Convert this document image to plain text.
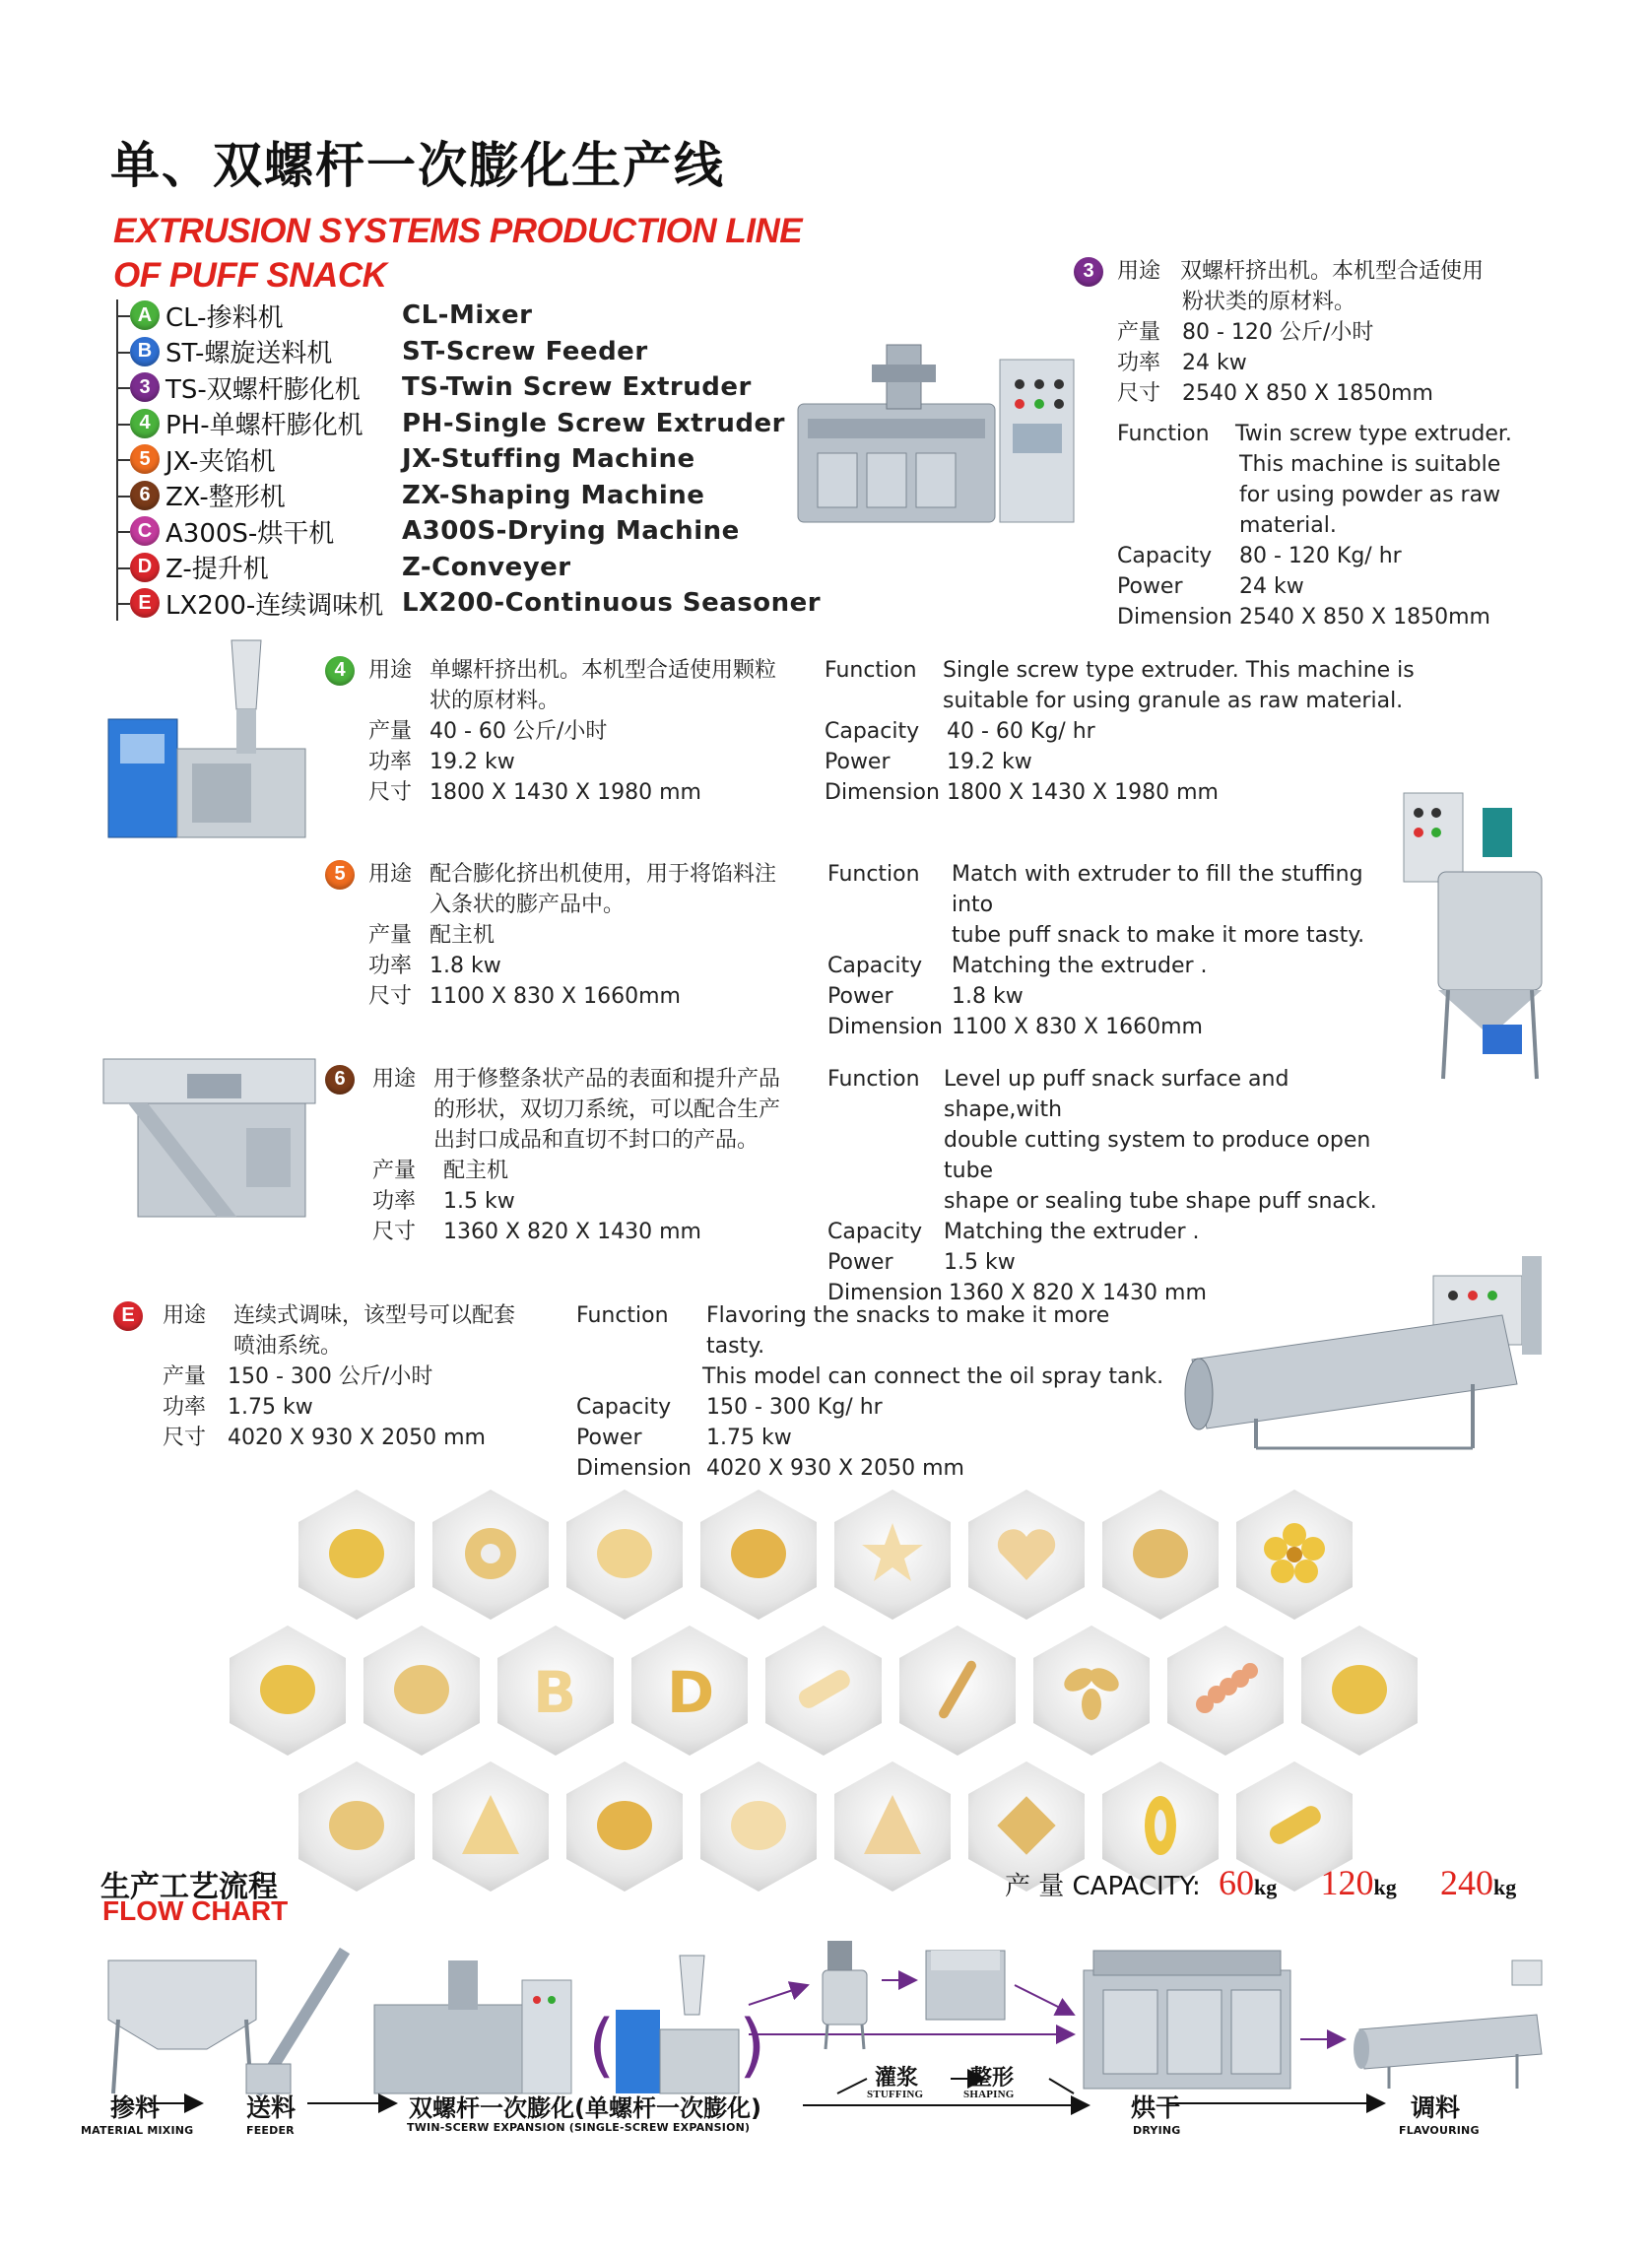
单、双螺杆一次膨化生产线
EXTRUSION SYSTEMS PRODUCTION LINE
OF PUFF SNACK
A CL-掺料机	CL-Mixer
B ST-螺旋送料机	ST-Screw Feeder
3 TS-双螺杆膨化机	TS-Twin Screw Extruder
4 PH-单螺杆膨化机	PH-Single Screw Extruder
5 JX-夹馅机	JX-Stuffing Machine
6 ZX-整形机	ZX-Shaping Machine
C A300S-烘干机	A300S-Drying Machine
D Z-提升机	Z-Conveyer
E LX200-连续调味机 LX200-Continuous Seasoner
3	用途 双螺杆挤出机。本机型合适使用
粉状类的原材料。
产量 80 - 120 公斤/小时
功率 24 kw
尺寸 2540 X 850 X 1850mm
Function	Twin screw type extruder.
This machine is suitable
for using powder as raw
material.
Capacity	80 - 120 Kg/ hr
Power	24 kw
Dimension 2540 X 850 X 1850mm
4	用途 单螺杆挤出机。本机型合适使用颗粒
状的原材料。
产量 40 - 60 公斤/小时
功率 19.2 kw
尺寸 1800 X 1430 X 1980 mm
Function	Single screw type extruder. This machine is
suitable for using granule as raw material.
Capacity	40 - 60 Kg/ hr
Power	19.2 kw
Dimension 1800 X 1430 X 1980 mm
5	用途 配合膨化挤出机使用，用于将馅料注
入条状的膨产品中。
产量 配主机
功率 1.8 kw
尺寸 1100 X 830 X 1660mm
Function	Match with extruder to fill the stuffing into
tube puff snack to make it more tasty.
Capacity	Matching the extruder .
Power	1.8 kw
Dimension 1100 X 830 X 1660mm
6	用途 用于修整条状产品的表面和提升产品
的形状，双切刀系统，可以配合生产
出封口成品和直切不封口的产品。
产量	配主机
功率	1.5 kw
尺寸	1360 X 820 X 1430 mm
Function	Level up puff snack surface and shape,with
double cutting system to produce open tube
shape or sealing tube shape puff snack.
Capacity Matching the extruder .
Power	1.5 kw
Dimension 1360 X 820 X 1430 mm
E	用途	连续式调味，该型号可以配套
喷油系统。
产量 150 - 300 公斤/小时
功率 1.75 kw
尺寸 4020 X 930 X 2050 mm
Function	Flavoring the snacks to make it more tasty.
This model can connect the oil spray tank.
Capacity	150 - 300 Kg/ hr
Power	1.75 kw
Dimension 4020 X 930 X 2050 mm
B D
生产工艺流程
FLOW CHART
产 量 CAPACITY: 60kg 120kg 240kg
( )
掺料
MATERIAL MIXING
送料
FEEDER
双螺杆一次膨化(单螺杆一次膨化)
TWIN-SCERW EXPANSION (SINGLE-SCREW EXPANSION)
灌浆
STUFFING
整形
SHAPING	烘干
DRYING
调料
FLAVOURING
